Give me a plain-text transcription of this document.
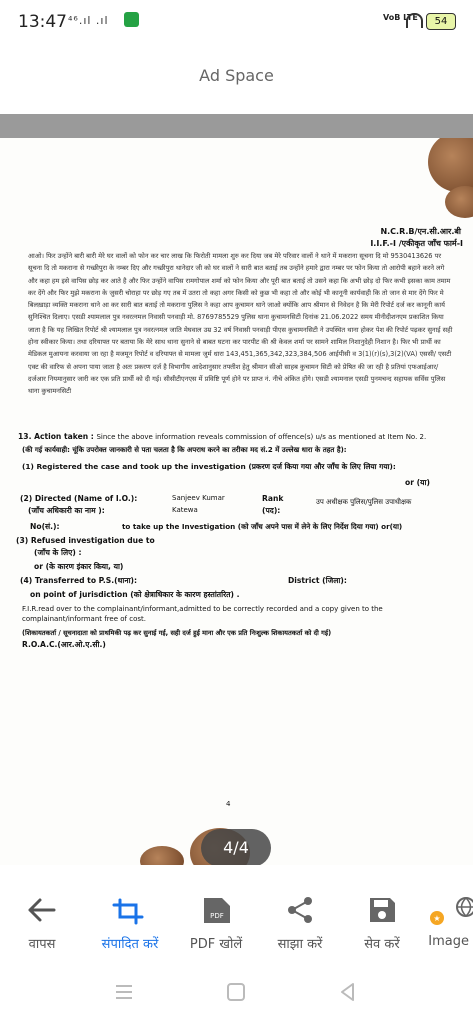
13:47 ⁴⁶.ıl .ıl	VoB LTE	54
Ad Space
N.C.R.B/एन.सी.आर.बी
I.I.F.-I /एकीकृत जाँच फार्म-I
आओ। फिर उन्होंने बारी बारी मेरे घर वालों को फोन कर चार लाख कि फिरोती मामला शुरु कर दिया जब मेरे परिवार वालों ने थाने में मकराना सूचना दि मो 9530413626 पर सूचना दि तो मकराना से गच्छीपुरा के नम्बर दिए और गच्छीपुरा थानेदार जी को घर वालों ने सारी बात बताई तब उन्होंने हमारे द्वारा नम्बर पर फोन किया तो आरोपी बहाने करने लगे और कहा हम इसे वापिस छोड़ कर आते है और फिर उन्होंने वापिस रामगोपाल शर्मा को फोन किया और पूरी बात बताई तो उसने कहा कि अभी छोड़ दो फिर कभी इसका काम तमाम कर देंगे और फिर मुझे मकराना के जुसरी चोराहा पर छोड़ गए तब में उतरा तो कहा अगर किसी को कुछ भी कहा तो और कोई भी कानूनी कार्यवाही कि तो जान से मार देंगे फिर मे बिलख़ाड़ा व्यक्ति मकराना थाने आ कर सारी बात बताई तो मकराना पुलिस ने कहा आप कुचामन थाने जाओ क्योंकि आप श्रीमान से निवेदन है कि मेरी रिपोर्ट दर्ज कर कानूनी कार्य सुनिश्चित दिलाए। एसडी श्यामलाल पुत्र नवरत्नमल निवासी पनवाड़ी मो. 8769785529 पुलिस थाना कुचामनसिटी दिनांक 21.06.2022 समय मीनीदीशनएम प्रकाशित किया जाता है कि यह लिखित रिपोर्ट श्री श्यामलाल पुत्र नवरत्नमल जाति मेघवाल उम्र 32 वर्ष निवासी पनवाड़ी पीएस कुचामनसिटी ने उपस्थित थाना होकर पेश की रिपोर्ट पढ़कर सुनाई सही होना स्वीकार किया। तथा दरियाफ्त पर बताया कि मेरे साथ थाना सुनाने से बाबत घटना कर पारपीट की श्री केवल शर्मा पर सामने शामिल निशानुदेही निशान है। फिर भी प्रार्थी का मेडिकल मुआयना करवाया जा रहा है मजमून रिपोर्ट व दरियाफ्त से मामला जुर्म धारा 143,451,365,342,323,384,506 आईपीसी व 3(1)(r)(s),3(2)(VA) एससी/ एसटी एक्ट की वारिफ से अपना पाया जाता है अतः प्रकरण दर्ज है विभागीय आदेशानुसार तफ्तीश हेतु श्रीमान सीओ साहब कुचामन सिटी को प्रेषित की जा रही है प्रतियां एफआईआर/दर्जआर नियमानुसार जारी कर एक प्रति प्रार्थी को दी गई। सीसीटीएनएस में प्रविष्टि पूर्ण होने पर प्राप्त नं. नीचे अंकित होंगे। एसडी श्यामनाल एसडी पुनमचन्द सहायक सर्विस पुलिस थाना कुचामनसिटी
13. Action taken : Since the above information reveals commission of offence(s) u/s as mentioned at Item No. 2.
(की गई कार्यवाही: चूंकि उपरोक्त जानकारी से पता चलता है कि अपराध करने का तरीका मद सं.2 में उल्लेख धारा के तहत है):
(1) Registered the case and took up the investigation (प्रकरण दर्ज किया गया और जाँच के लिए लिया गया):
or (या)
(2) Directed (Name of I.O.):
(जाँच अधिकारी का नाम ):
Sanjeev Kumar
Katewa
Rank
(पद):
उप अधीक्षक पुलिस/पुलिस उपाधीक्षक
No(सं.):	to take up the Investigation (को जाँच अपने पास में लेने के लिए निर्देश दिया गया) or(या)
(3) Refused investigation due to
(जाँच के लिए) :
or (के कारण इंकार किया, या)
(4) Transferred to P.S.(थाना):	District (जिला):
on point of jurisdiction (को क्षेत्राधिकार के कारण हस्तांतरित) .
F.I.R.read over to the complainant/informant,admitted to be correctly recorded and a copy given to the complainant/informant free of cost.
(शिकायतकर्ता / सूचनादाता को प्राथमिकी पढ़ कर सुनाई गई, सही दर्ज हुई माना और एक प्रति निःशुल्क शिकायतकर्ता को दी गई)
R.O.A.C.(आर.ओ.ए.सी.)
4
4/4
वापस	संपादित करें
PDF
PDF खोलें	साझा करें	सेव करें
★
Image
